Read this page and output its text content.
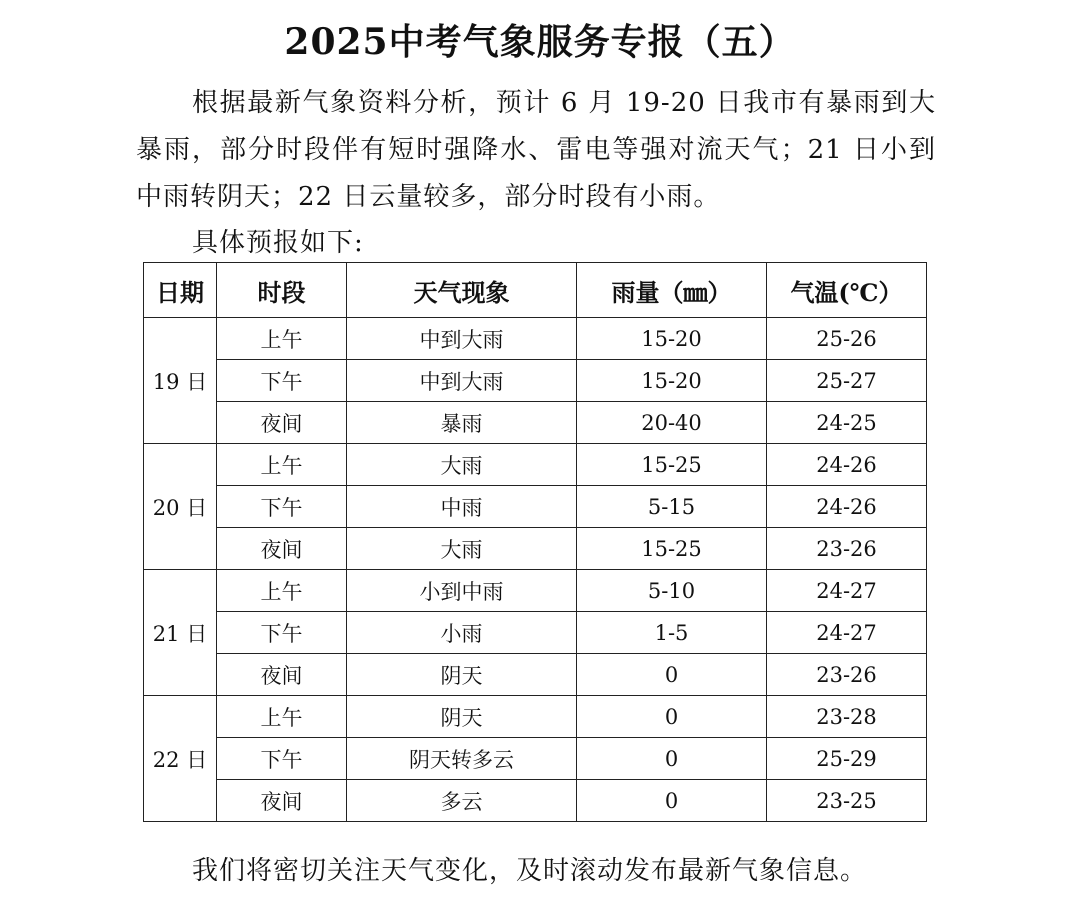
2025中考气象服务专报（五）
根据最新气象资料分析，预计 6 月 19-20 日我市有暴雨到大暴雨，部分时段伴有短时强降水、雷电等强对流天气；21 日小到中雨转阴天；22 日云量较多，部分时段有小雨。
具体预报如下:
日期	时段	天气现象	雨量（㎜）	气温(℃）
19 日	上午	中到大雨	15-20	25-26
	下午	中到大雨	15-20	25-27
	夜间	暴雨	20-40	24-25
20 日	上午	大雨	15-25	24-26
	下午	中雨	5-15	24-26
	夜间	大雨	15-25	23-26
21 日	上午	小到中雨	5-10	24-27
	下午	小雨	1-5	24-27
	夜间	阴天	0	23-26
22 日	上午	阴天	0	23-28
	下午	阴天转多云	0	25-29
	夜间	多云	0	23-25
我们将密切关注天气变化，及时滚动发布最新气象信息。
